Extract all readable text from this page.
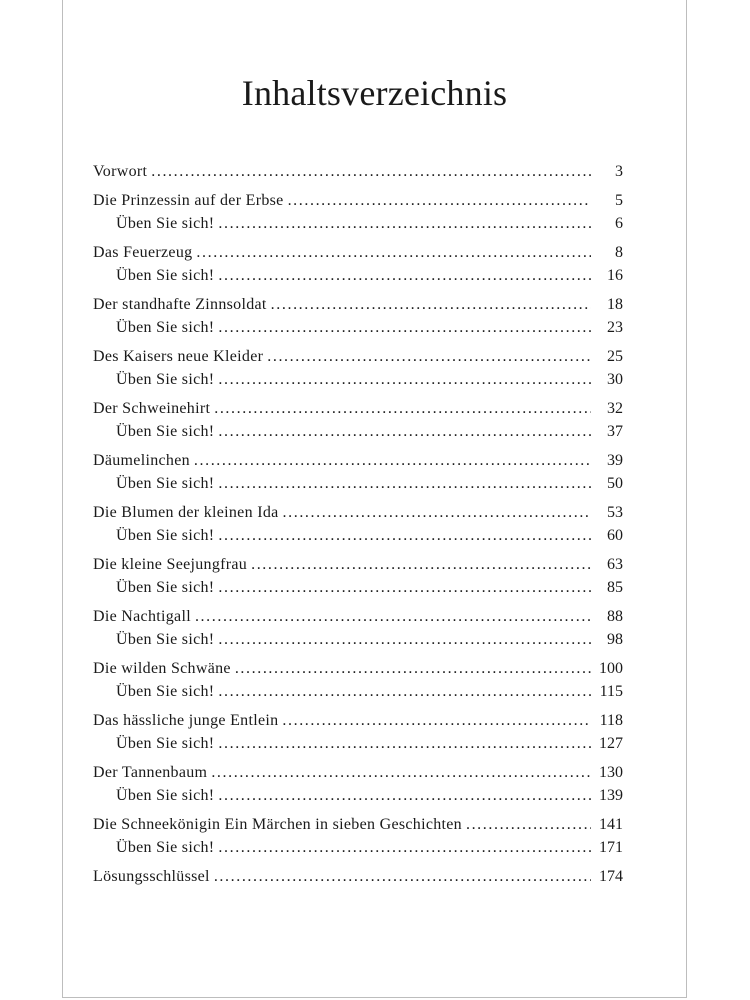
Inhaltsverzeichnis
Vorwort . . .	3
Die Prinzessin auf der Erbse . . .	5
Üben Sie sich! . . .	6
Das Feuerzeug . . .	8
Üben Sie sich! . . .	16
Der standhafte Zinnsoldat . . .	18
Üben Sie sich! . . .	23
Des Kaisers neue Kleider . . .	25
Üben Sie sich! . . .	30
Der Schweinehirt . . .	32
Üben Sie sich! . . .	37
Däumelinchen . . .	39
Üben Sie sich! . . .	50
Die Blumen der kleinen Ida . . .	53
Üben Sie sich! . . .	60
Die kleine Seejungfrau . . .	63
Üben Sie sich! . . .	85
Die Nachtigall . . .	88
Üben Sie sich! . . .	98
Die wilden Schwäne . . .	100
Üben Sie sich! . . .	115
Das hässliche junge Entlein . . .	118
Üben Sie sich! . . .	127
Der Tannenbaum . . .	130
Üben Sie sich! . . .	139
Die Schneekönigin Ein Märchen in sieben Geschichten . . .	141
Üben Sie sich! . . .	171
Lösungsschlüssel . . .	174
